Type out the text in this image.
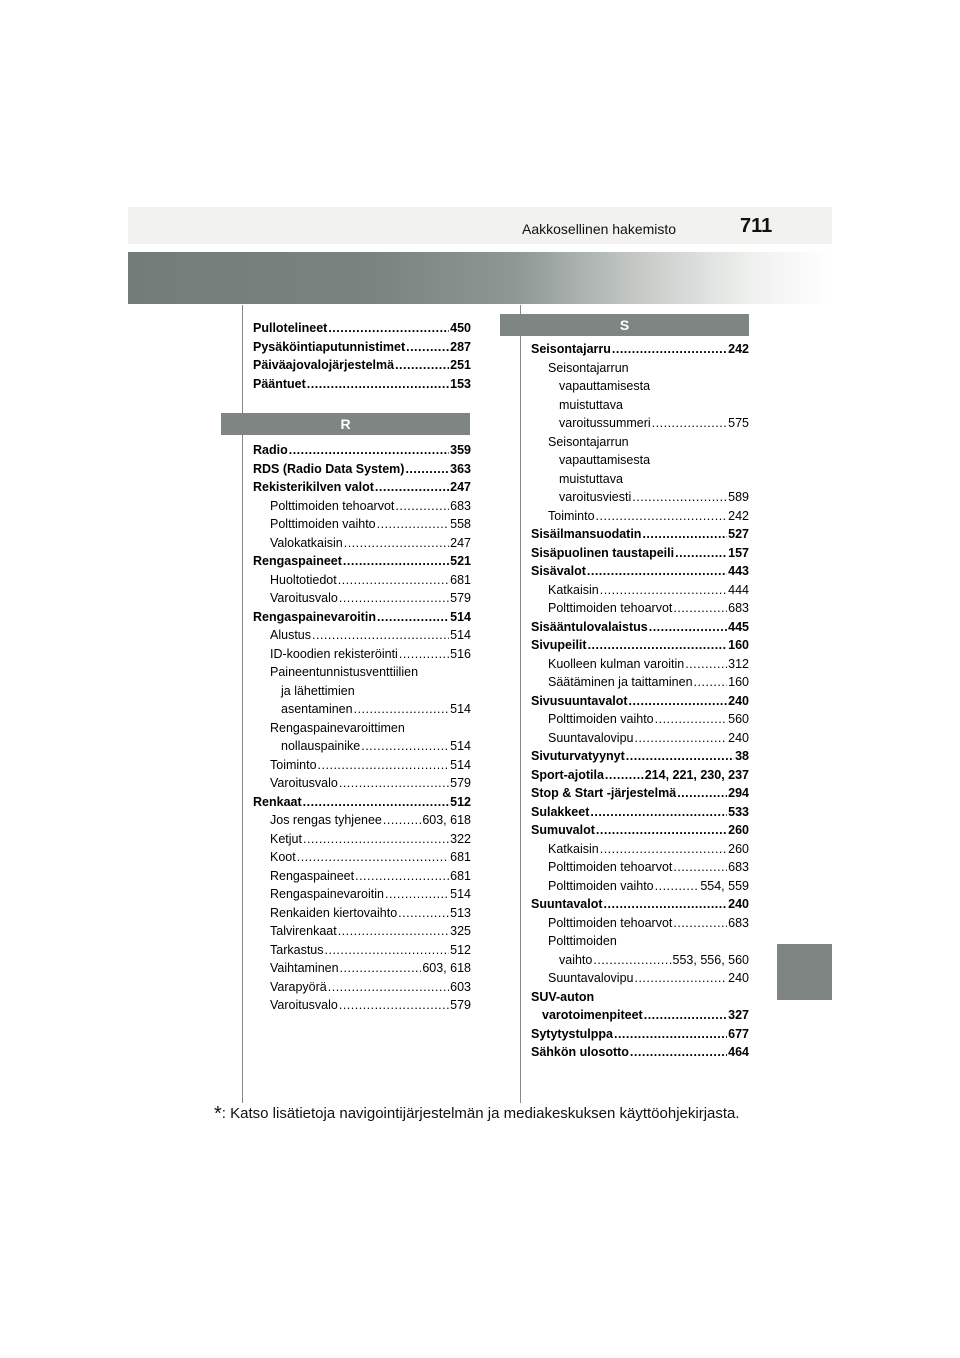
Aakkosellinen hakemisto	711
Pullotelineet .....	450
Pysäköintiaputunnistimet .....	287
Päiväajovalojärjestelmä .....	251
Pääntuet .....	153
R
Radio .....	359
RDS (Radio Data System) .....	363
Rekisterikilven valot .....	247
Polttimoiden tehoarvot .....	683
Polttimoiden vaihto .....	558
Valokatkaisin .....	247
Rengaspaineet .....	521
Huoltotiedot .....	681
Varoitusvalo .....	579
Rengaspainevaroitin .....	514
Alustus .....	514
ID-koodien rekisteröinti .....	516
Paineentunnistusventtiilien
ja lähettimien
asentaminen .....	514
Rengaspainevaroittimen
nollauspainike .....	514
Toiminto .....	514
Varoitusvalo .....	579
Renkaat .....	512
Jos rengas tyhjenee .....	603, 618
Ketjut .....	322
Koot .....	681
Rengaspaineet .....	681
Rengaspainevaroitin .....	514
Renkaiden kiertovaihto .....	513
Talvirenkaat .....	325
Tarkastus .....	512
Vaihtaminen .....	603, 618
Varapyörä .....	603
Varoitusvalo .....	579
S
Seisontajarru .....	242
Seisontajarrun
vapauttamisesta
muistuttava
varoitussummeri .....	575
Seisontajarrun
vapauttamisesta
muistuttava
varoitusviesti .....	589
Toiminto .....	242
Sisäilmansuodatin .....	527
Sisäpuolinen taustapeili .....	157
Sisävalot .....	443
Katkaisin .....	444
Polttimoiden tehoarvot .....	683
Sisääntulovalaistus .....	445
Sivupeilit .....	160
Kuolleen kulman varoitin .....	312
Säätäminen ja taittaminen .....	160
Sivusuuntavalot .....	240
Polttimoiden vaihto .....	560
Suuntavalovipu .....	240
Sivuturvatyynyt .....	38
Sport-ajotila .....	214, 221, 230, 237
Stop & Start -järjestelmä .....	294
Sulakkeet .....	533
Sumuvalot .....	260
Katkaisin .....	260
Polttimoiden tehoarvot .....	683
Polttimoiden vaihto .....	554, 559
Suuntavalot .....	240
Polttimoiden tehoarvot .....	683
Polttimoiden
vaihto .....	553, 556, 560
Suuntavalovipu .....	240
SUV-auton
varotoimenpiteet .....	327
Sytytystulppa .....	677
Sähkön ulosotto .....	464
*: Katso lisätietoja navigointijärjestelmän ja mediakeskuksen käyttöohjekirjasta.
